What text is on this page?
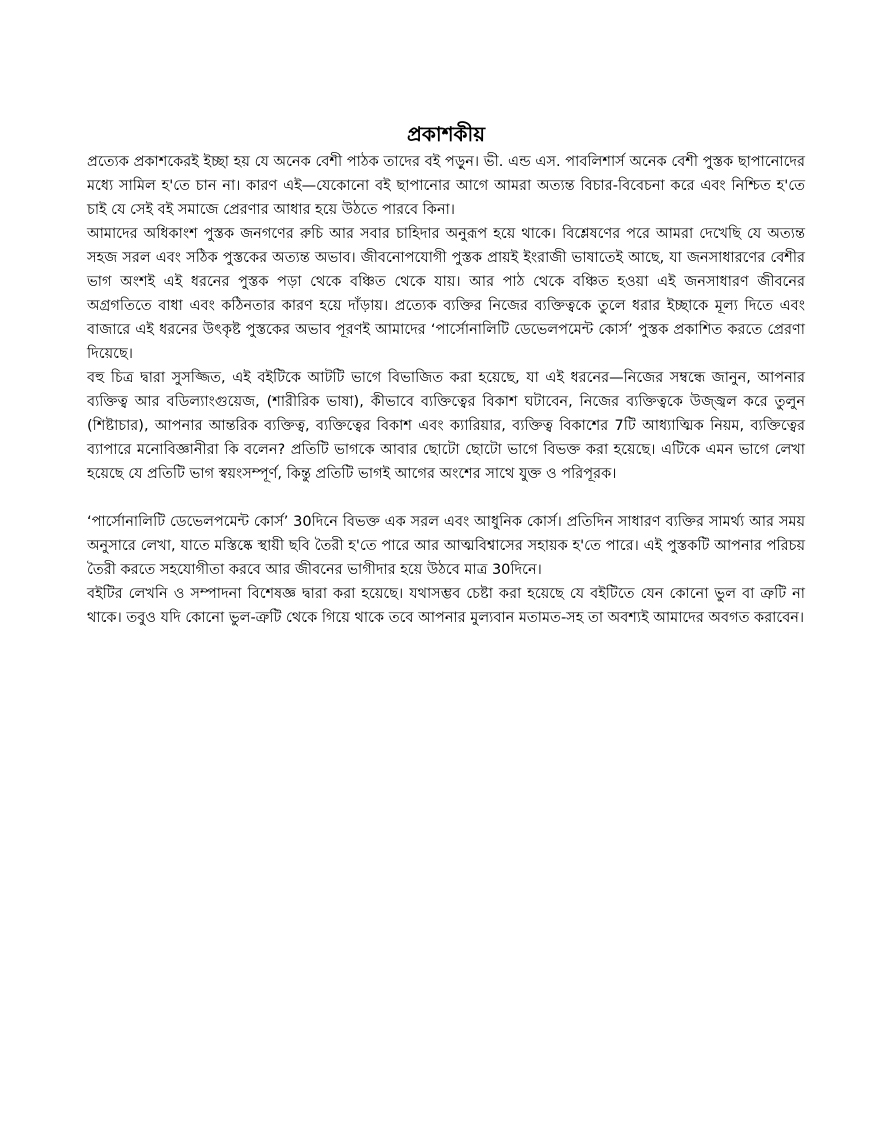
প্রকাশকীয়

প্রত্যেক প্রকাশকেরই ইচ্ছা হয় যে অনেক বেশী পাঠক তাদের বই পড়ুন। ভী. এন্ড এস. পাবলিশার্স অনেক বেশী পুস্তক ছাপানোদের মধ্যে সামিল হ'তে চান না। কারণ এই—যেকোনো বই ছাপানোর আগে আমরা অত্যন্ত বিচার-বিবেচনা করে এবং নিশ্চিত হ'তে চাই যে সেই বই সমাজে প্রেরণার আধার হয়ে উঠতে পারবে কিনা।

আমাদের অধিকাংশ পুস্তক জনগণের রুচি আর সবার চাহিদার অনুরূপ হয়ে থাকে। বিশ্লেষণের পরে আমরা দেখেছি যে অত্যন্ত সহজ সরল এবং সঠিক পুস্তকের অত্যন্ত অভাব। জীবনোপযোগী পুস্তক প্রায়ই ইংরাজী ভাষাতেই আছে, যা জনসাধারণের বেশীর ভাগ অংশই এই ধরনের পুস্তক পড়া থেকে বঞ্চিত থেকে যায়। আর পাঠ থেকে বঞ্চিত হওয়া এই জনসাধারণ জীবনের অগ্রগতিতে বাধা এবং কঠিনতার কারণ হয়ে দাঁড়ায়। প্রত্যেক ব্যক্তির নিজের ব্যক্তিত্বকে তুলে ধরার ইচ্ছাকে মূল্য দিতে এবং বাজারে এই ধরনের উৎকৃষ্ট পুস্তকের অভাব পূরণই আমাদের ‘পার্সোনালিটি ডেভেলপমেন্ট কোর্স’ পুস্তক প্রকাশিত করতে প্রেরণা দিয়েছে।

বহু চিত্র দ্বারা সুসজ্জিত, এই বইটিকে আটটি ভাগে বিভাজিত করা হয়েছে, যা এই ধরনের—নিজের সম্বন্ধে জানুন, আপনার ব্যক্তিত্ব আর বডিল্যাংগুয়েজ, (শারীরিক ভাষা), কীভাবে ব্যক্তিত্বের বিকাশ ঘটাবেন, নিজের ব্যক্তিত্বকে উজ্জ্বল করে তুলুন (শিষ্টাচার), আপনার আন্তরিক ব্যক্তিত্ব, ব্যক্তিত্বের বিকাশ এবং ক্যারিয়ার, ব্যক্তিত্ব বিকাশের 7টি আধ্যাত্মিক নিয়ম, ব্যক্তিত্বের ব্যাপারে মনোবিজ্ঞানীরা কি বলেন? প্রতিটি ভাগকে আবার ছোটো ছোটো ভাগে বিভক্ত করা হয়েছে। এটিকে এমন ভাগে লেখা হয়েছে যে প্রতিটি ভাগ স্বয়ংসম্পূর্ণ, কিন্তু প্রতিটি ভাগই আগের অংশের সাথে যুক্ত ও পরিপূরক।

‘পার্সোনালিটি ডেভেলপমেন্ট কোর্স’ 30দিনে বিভক্ত এক সরল এবং আধুনিক কোর্স। প্রতিদিন সাধারণ ব্যক্তির সামর্থ্য আর সময় অনুসারে লেখা, যাতে মস্তিষ্কে স্থায়ী ছবি তৈরী হ'তে পারে আর আত্মবিশ্বাসের সহায়ক হ'তে পারে। এই পুস্তকটি আপনার পরিচয় তৈরী করতে সহযোগীতা করবে আর জীবনের ভাগীদার হয়ে উঠবে মাত্র 30দিনে।

বইটির লেখনি ও সম্পাদনা বিশেষজ্ঞ দ্বারা করা হয়েছে। যথাসম্ভব চেষ্টা করা হয়েছে যে বইটিতে যেন কোনো ভুল বা ত্রুটি না থাকে। তবুও যদি কোনো ভুল-ত্রুটি থেকে গিয়ে থাকে তবে আপনার মুল্যবান মতামত-সহ তা অবশ্যই আমাদের অবগত করাবেন।
